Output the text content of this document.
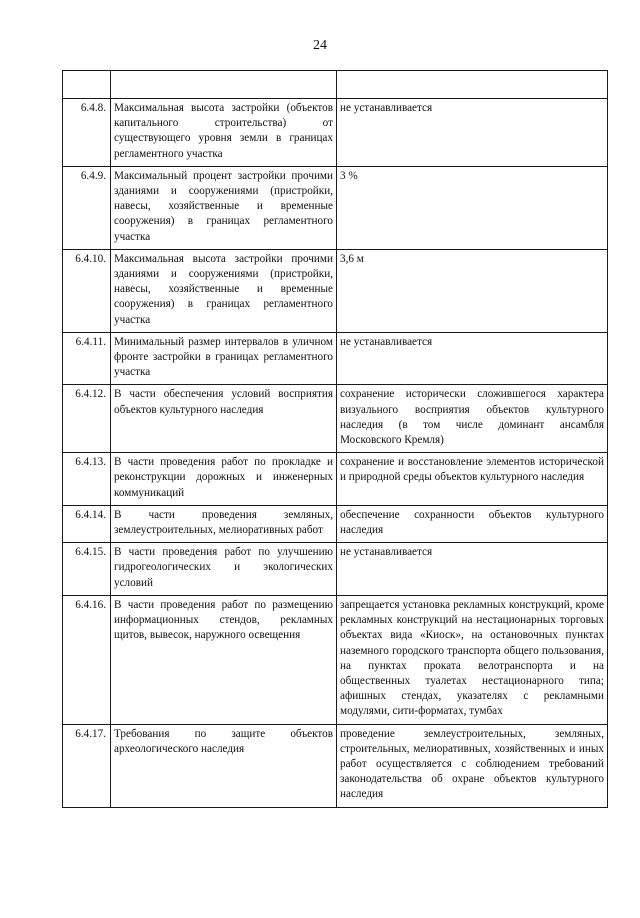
24

6.4.8.	Максимальная высота застройки (объектов капитального строительства) от существующего уровня земли в границах регламентного участка	не устанавливается
6.4.9.	Максимальный процент застройки прочими зданиями и сооружениями (пристройки, навесы, хозяйственные и временные сооружения) в границах регламентного участка	3 %
6.4.10.	Максимальная высота застройки прочими зданиями и сооружениями (пристройки, навесы, хозяйственные и временные сооружения) в границах регламентного участка	3,6 м
6.4.11.	Минимальный размер интервалов в уличном фронте застройки в границах регламентного участка	не устанавливается
6.4.12.	В части обеспечения условий восприятия объектов культурного наследия	сохранение исторически сложившегося характера визуального восприятия объектов культурного наследия (в том числе доминант ансамбля Московского Кремля)
6.4.13.	В части проведения работ по прокладке и реконструкции дорожных и инженерных коммуникаций	сохранение и восстановление элементов исторической и природной среды объектов культурного наследия
6.4.14.	В части проведения земляных, землеустроительных, мелиоративных работ	обеспечение сохранности объектов культурного наследия
6.4.15.	В части проведения работ по улучшению гидрогеологических и экологических условий	не устанавливается
6.4.16.	В части проведения работ по размещению информационных стендов, рекламных щитов, вывесок, наружного освещения	запрещается установка рекламных конструкций, кроме рекламных конструкций на нестационарных торговых объектах вида «Киоск», на остановочных пунктах наземного городского транспорта общего пользования, на пунктах проката велотранспорта и на общественных туалетах нестационарного типа; афишных стендах, указателях с рекламными модулями, сити-форматах, тумбах
6.4.17.	Требования по защите объектов археологического наследия	проведение землеустроительных, земляных, строительных, мелиоративных, хозяйственных и иных работ осуществляется с соблюдением требований законодательства об охране объектов культурного наследия
